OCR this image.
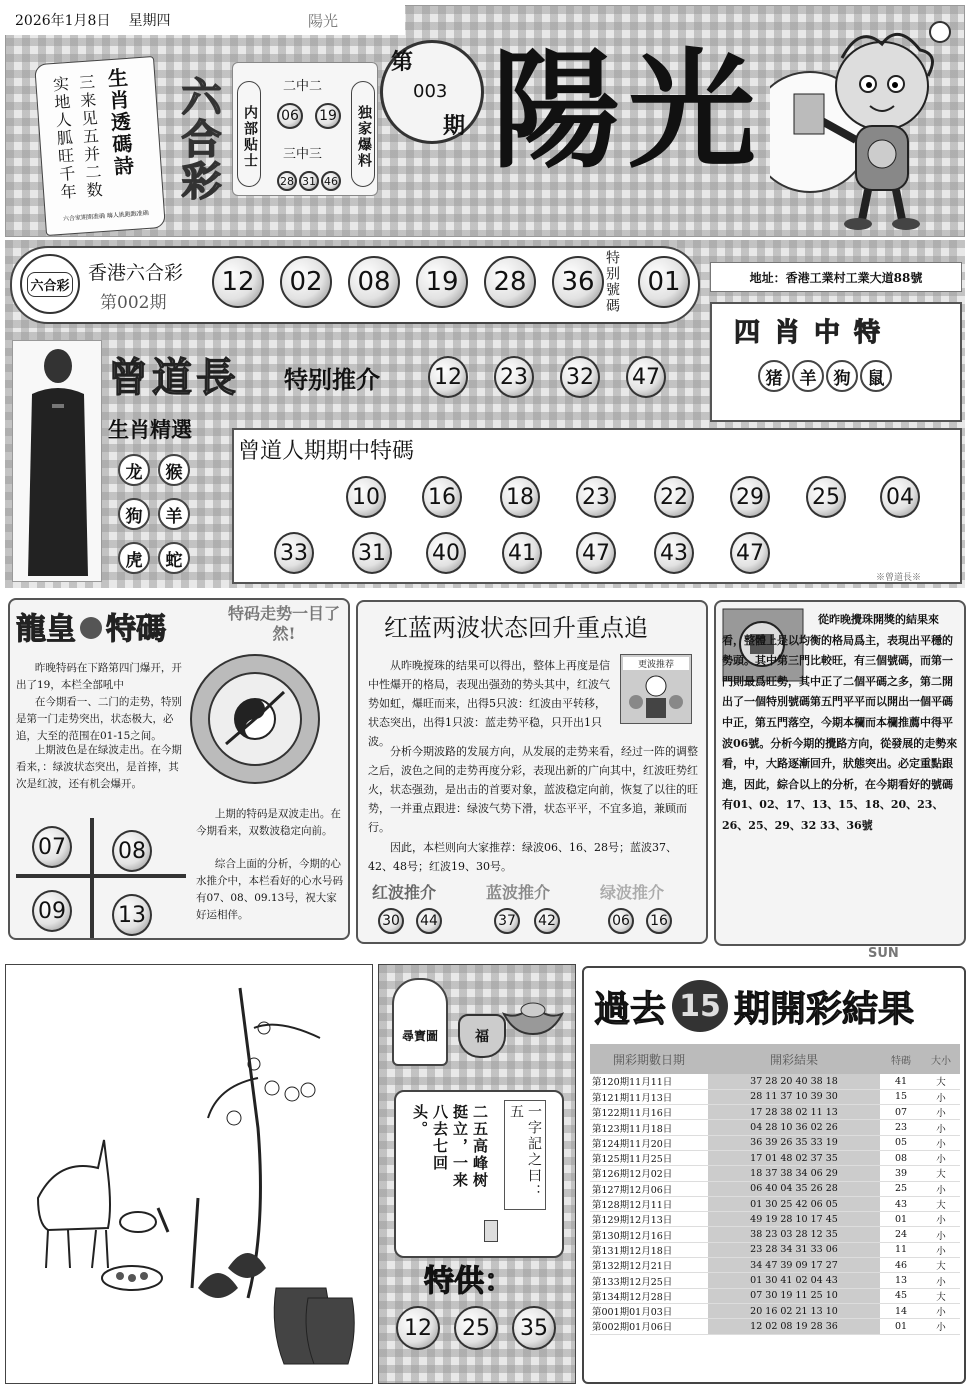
2026年1月8日 星期四	陽光
实地人胍旺千年
三来见五并二数 生肖透碼詩
六合家期期准确 嗨人挑跑跑准确
六合彩	内部贴士	独家爆料
二中二
06 19
三中三
28 31 46
第
003
期 陽光
六合彩
香港六合彩
第002期
12	02	08	19	28	36 特别號碼	01	地址：香港工業村工業大道88號
曾道長 特别推介 12 23 32 47
四肖中特
猪	羊	狗	鼠
生肖精選
龙	猴
狗	羊
虎	蛇
曾道人期期中特碼
10 16 18 23 22 29 25 04
33 31 40 41 47 43 47
※曾道長※
龍皇 特碼	特码走势一目了然!
昨晚特码在下路第四门爆开，开出了19，本栏全部吼中
在今期看一、二门的走势，特别是第一门走势突出，状态极大，必追，大至的范围在01-15之间。
上期波色是在绿波走出。在今期看来，：绿波状态突出，是首捧，其次是红波，还有机会爆开。
上期的特码是双波走出。在今期看来，双数波稳定向前。
综合上面的分析，今期的心水推介中，本栏看好的心水号码有07、08、09.13号，祝大家好运相伴。
07 08
09 13
红蓝两波状态回升重点追
更波推荐
从昨晚搅珠的结果可以得出，整体上再度是信中性爆开的格局，表现出强劲的势头其中，红波气势如虹，爆旺而来，出得5只波：红波由平转移，状态突出，出得1只波：蓝走势平稳，只开出1只波。
分析今期波路的发展方向，从发展的走势来看，经过一阵的调整之后，波色之间的走势再度分彩，表现出新的广向其中，红波旺势红火，状态强劲，是出击的首要对象，蓝波稳定向前，恢复了以往的旺势，一并重点跟进：绿波气势下滑，状态平平，不宜多追，兼顾而行。
因此，本栏则向大家推荐：绿波06、16、28号；蓝波37、42、48号；红波19、30号。
红波推介
30 44
蓝波推介
37 42
绿波推介
06 16
從昨晚攪珠開獎的結果來看，整體上是以均衡的格局爲主，表現出平穩的勢頭。其中第三門比較旺，有三個號碼，而第一門則最爲旺勢，其中正了二個平碼之多，第二開出了一個特別號碼第五門平平而以開出一個平碼中正，第五門落空，今期本欄而本欄推薦中得平波06號。分析今期的攪路方向，從發展的走勢來看，中，大路逐漸回升，狀態突出。必定重點跟進，因此，綜合以上的分析，在今期看好的號碼有01、02、17、13、15、18、20、23、26、25、29、32 33、36號
SUN
尋寶圖	福
二五高峰树挺立，一来八去七回头。	一字記之曰：五
特供：
12	25	35
過去 15 期開彩結果
開彩期數日期	開彩結果	特碼	大小
第120期11月11日	37 28 20 40 38 18	41	大
第121期11月13日	28 11 37 10 39 30	15	小
第122期11月16日	17 28 38 02 11 13	07	小
第123期11月18日	04 28 10 36 02 26	23	小
第124期11月20日	36 39 26 35 33 19	05	小
第125期11月25日	17 01 48 02 37 35	08	小
第126期12月02日	18 37 38 34 06 29	39	大
第127期12月06日	06 40 04 35 26 28	25	小
第128期12月11日	01 30 25 42 06 05	43	大
第129期12月13日	49 19 28 10 17 45	01	小
第130期12月16日	38 23 03 28 12 35	24	小
第131期12月18日	23 28 34 31 33 06	11	小
第132期12月21日	34 47 39 09 17 27	46	大
第133期12月25日	01 30 41 02 04 43	13	小
第134期12月28日	07 30 19 11 25 10	45	大
第001期01月03日	20 16 02 21 13 10	14	小
第002期01月06日	12 02 08 19 28 36	01	小
